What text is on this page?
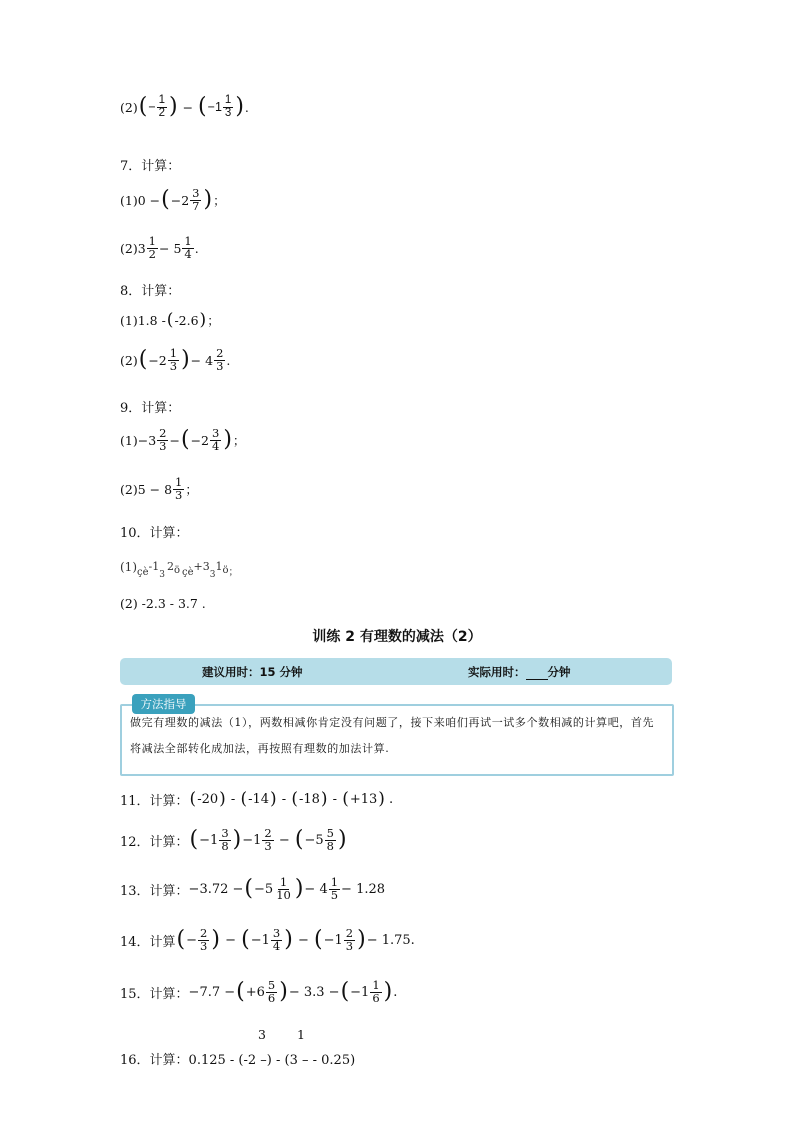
(2) ( − $\frac{1}{2}$ ) − ( $-1 \frac{1}{3}$ ) .
7．计算：
(1) 0 − ( $-2 \frac{3}{7}$ ) ；
(2) $3 \frac{1}{2} - 5 \frac{1}{4}$ .
8．计算：
(1) 1.8 - ( -2.6 ) ；
(2) ( $-2 \frac{1}{3}$ ) − $4 \frac{2}{3}$ .
9．计算：
$(1) -3 \frac{2}{3}$ − ( $-2 \frac{3}{4}$ ) ；
(2) $5 - 8 \frac{1}{3}$ ；
10．计算：
(1) çè -1
3
2 ö çè +3
3
1 ö ；
(2) -2.3 - 3.7 .
训练 2 有理数的减法（2）
建议用时：15 分钟	实际用时： 分钟
方法指导
做完有理数的减法（1），两数相减你肯定没有问题了，接下来咱们再试一试多个数相减的计算吧，首先将减法全部转化成加法，再按照有理数的加法计算.
11．计算： ( -20 ) - ( -14 ) - ( -18 ) - ( +13 ) .
12．计算： ( $-1 \frac{3}{8}$ ) $-1 \frac{2}{3}$ − ( $-5 \frac{5}{8}$ )
13．计算： −3.72 − ( $-5 \frac{1}{10}$ ) − $4 \frac{1}{5} - 1.28$
14．计算 ( − $\frac{2}{3}$ ) − ( $-1 \frac{3}{4}$ ) − ( $-1 \frac{2}{3}$ ) − 1.75 .
15．计算： −7.7 − ( $+6 \frac{5}{6}$ ) − 3.3 − ( $-1 \frac{1}{6}$ ) .
3 1
16．计算：0.125 - (-2 –) - (3 – - 0.25)
